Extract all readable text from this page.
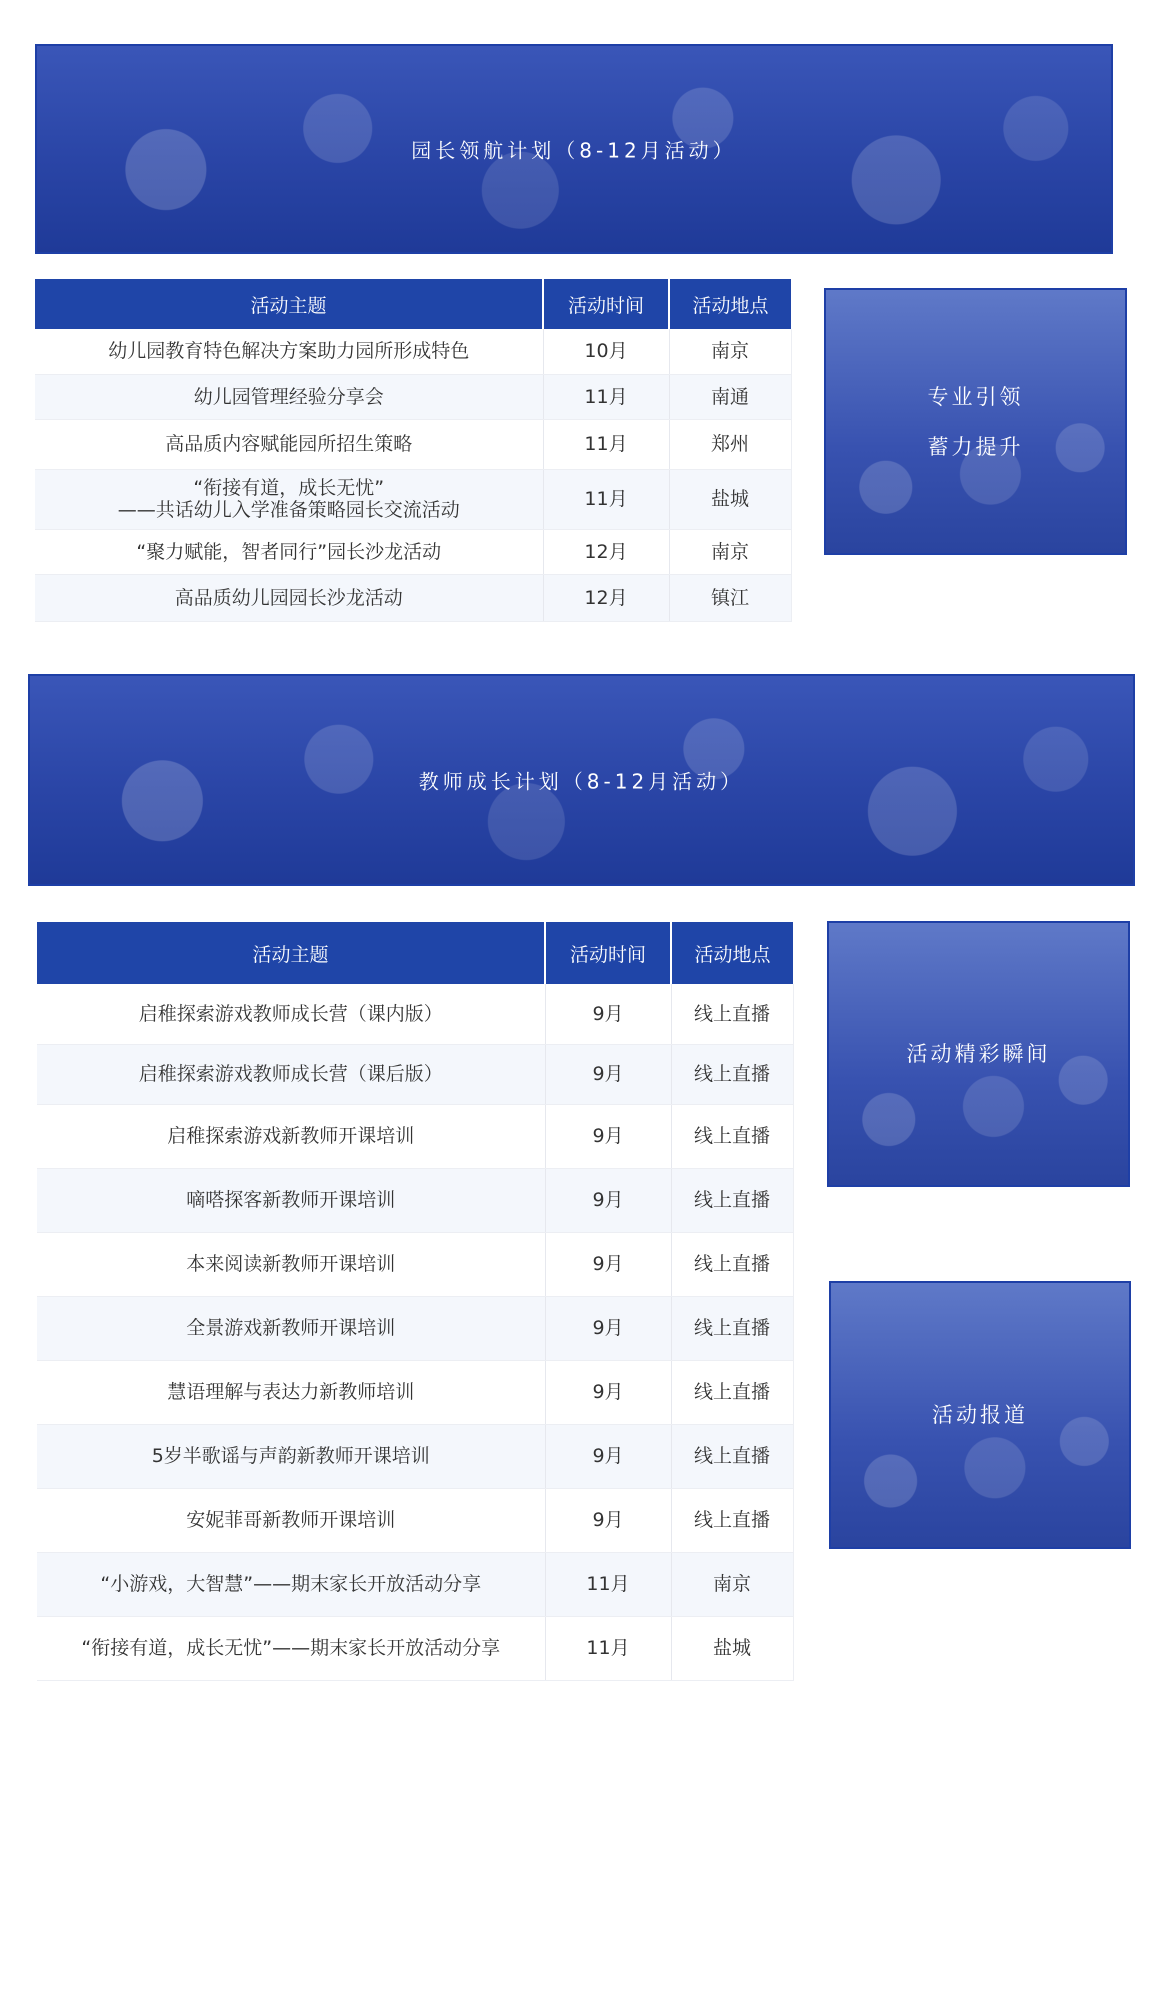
园长领航计划（8-12月活动）
活动主题	活动时间	活动地点
幼儿园教育特色解决方案助力园所形成特色	10月	南京
幼儿园管理经验分享会	11月	南通
高品质内容赋能园所招生策略	11月	郑州

“衔接有道，成长无忧”
——共话幼儿入学准备策略园长交流活动	11月	盐城
“聚力赋能，智者同行”园长沙龙活动	12月	南京
高品质幼儿园园长沙龙活动	12月	镇江
专业引领
蓄力提升
教师成长计划（8-12月活动）
活动主题	活动时间	活动地点
启稚探索游戏教师成长营（课内版）	9月	线上直播
启稚探索游戏教师成长营（课后版）	9月	线上直播
启稚探索游戏新教师开课培训	9月	线上直播
嘀嗒探客新教师开课培训	9月	线上直播
本来阅读新教师开课培训	9月	线上直播
全景游戏新教师开课培训	9月	线上直播
慧语理解与表达力新教师培训	9月	线上直播
5岁半歌谣与声韵新教师开课培训	9月	线上直播
安妮菲哥新教师开课培训	9月	线上直播
“小游戏，大智慧”——期末家长开放活动分享	11月	南京
“衔接有道，成长无忧”——期末家长开放活动分享	11月	盐城
活动精彩瞬间
活动报道
